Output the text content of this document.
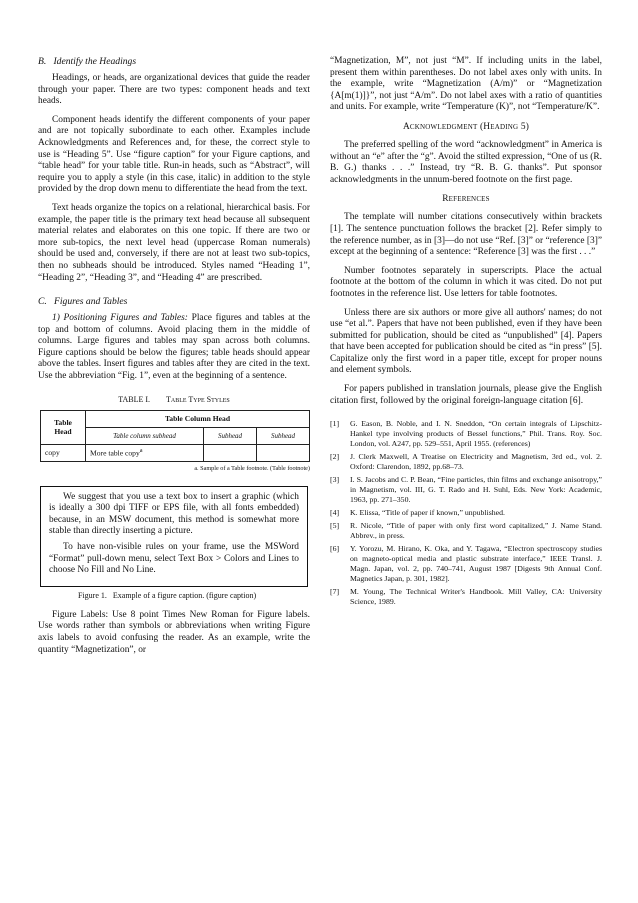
B. Identify the Headings

Headings, or heads, are organizational devices that guide the reader through your paper. There are two types: component heads and text heads.

Component heads identify the different components of your paper and are not topically subordinate to each other. Examples include Acknowledgments and References and, for these, the correct style to use is “Heading 5”. Use “figure caption” for your Figure captions, and “table head” for your table title. Run-in heads, such as “Abstract”, will require you to apply a style (in this case, italic) in addition to the style provided by the drop down menu to differentiate the head from the text.

Text heads organize the topics on a relational, hierarchical basis. For example, the paper title is the primary text head because all subsequent material relates and elaborates on this one topic. If there are two or more sub-topics, the next level head (uppercase Roman numerals) should be used and, conversely, if there are not at least two sub-topics, then no subheads should be introduced. Styles named “Heading 1”, “Heading 2”, “Heading 3”, and “Heading 4” are prescribed.

C. Figures and Tables

1) Positioning Figures and Tables: Place figures and tables at the top and bottom of columns. Avoid placing them in the middle of columns. Large figures and tables may span across both columns. Figure captions should be below the figures; table heads should appear above the tables. Insert figures and tables after they are cited in the text. Use the abbreviation “Fig. 1”, even at the beginning of a sentence.

TABLE I. Table Type Styles
Table Head	Table Column Head		
	Table column subhead	Subhead	Subhead
copy	More table copy$^a$		
a. Sample of a Table footnote. (Table footnote)

We suggest that you use a text box to insert a graphic (which is ideally a 300 dpi TIFF or EPS file, with all fonts embedded) because, in an MSW document, this method is somewhat more stable than directly inserting a picture.

To have non-visible rules on your frame, use the MSWord “Format” pull-down menu, select Text Box > Colors and Lines to choose No Fill and No Line.

Figure 1. Example of a figure caption. (figure caption)

Figure Labels: Use 8 point Times New Roman for Figure labels. Use words rather than symbols or abbreviations when writing Figure axis labels to avoid confusing the reader. As an example, write the quantity “Magnetization”, or

“Magnetization, M”, not just “M”. If including units in the label, present them within parentheses. Do not label axes only with units. In the example, write “Magnetization (A/m)” or “Magnetization {A[m(1)]}”, not just “A/m”. Do not label axes with a ratio of quantities and units. For example, write “Temperature (K)”, not “Temperature/K”.

Acknowledgment (Heading 5)

The preferred spelling of the word “acknowledgment” in America is without an “e” after the “g”. Avoid the stilted expression, “One of us (R. B. G.) thanks . . .” Instead, try “R. B. G. thanks”. Put sponsor acknowledgments in the unnum-bered footnote on the first page.

References

The template will number citations consecutively within brackets [1]. The sentence punctuation follows the bracket [2]. Refer simply to the reference number, as in [3]—do not use “Ref. [3]” or “reference [3]” except at the beginning of a sentence: “Reference [3] was the first . . .”

Number footnotes separately in superscripts. Place the actual footnote at the bottom of the column in which it was cited. Do not put footnotes in the reference list. Use letters for table footnotes.

Unless there are six authors or more give all authors' names; do not use “et al.”. Papers that have not been published, even if they have been submitted for publication, should be cited as “unpublished” [4]. Papers that have been accepted for publication should be cited as “in press” [5]. Capitalize only the first word in a paper title, except for proper nouns and element symbols.

For papers published in translation journals, please give the English citation first, followed by the original foreign-language citation [6].

[1]	G. Eason, B. Noble, and I. N. Sneddon, “On certain integrals of Lipschitz-Hankel type involving products of Bessel functions,” Phil. Trans. Roy. Soc. London, vol. A247, pp. 529–551, April 1955. (references)
[2]	J. Clerk Maxwell, A Treatise on Electricity and Magnetism, 3rd ed., vol. 2. Oxford: Clarendon, 1892, pp.68–73.
[3]	I. S. Jacobs and C. P. Bean, “Fine particles, thin films and exchange anisotropy,” in Magnetism, vol. III, G. T. Rado and H. Suhl, Eds. New York: Academic, 1963, pp. 271–350.
[4]	K. Elissa, “Title of paper if known,” unpublished.
[5]	R. Nicole, “Title of paper with only first word capitalized,” J. Name Stand. Abbrev., in press.
[6]	Y. Yorozu, M. Hirano, K. Oka, and Y. Tagawa, “Electron spectroscopy studies on magneto-optical media and plastic substrate interface,” IEEE Transl. J. Magn. Japan, vol. 2, pp. 740–741, August 1987 [Digests 9th Annual Conf. Magnetics Japan, p. 301, 1982].
[7]	M. Young, The Technical Writer's Handbook. Mill Valley, CA: University Science, 1989.
